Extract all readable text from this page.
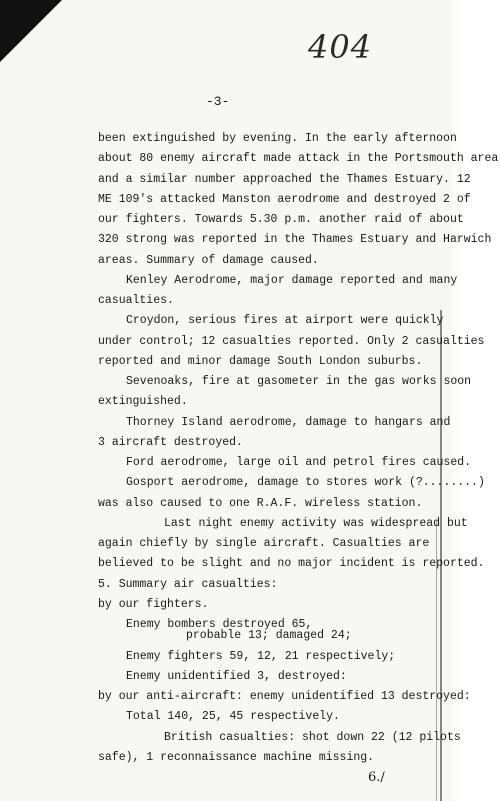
404
-3-
been extinguished by evening. In the early afternoon
about 80 enemy aircraft made attack in the Portsmouth area
and a similar number approached the Thames Estuary. 12
ME 109's attacked Manston aerodrome and destroyed 2 of
our fighters. Towards 5.30 p.m. another raid of about
320 strong was reported in the Thames Estuary and Harwich
areas. Summary of damage caused.
Kenley Aerodrome, major damage reported and many
casualties.
Croydon, serious fires at airport were quickly
under control; 12 casualties reported. Only 2 casualties
reported and minor damage South London suburbs.
Sevenoaks, fire at gasometer in the gas works soon
extinguished.
Thorney Island aerodrome, damage to hangars and
3 aircraft destroyed.
Ford aerodrome, large oil and petrol fires caused.
Gosport aerodrome, damage to stores work (?........)
was also caused to one R.A.F. wireless station.
Last night enemy activity was widespread but
again chiefly by single aircraft. Casualties are
believed to be slight and no major incident is reported.
5. Summary air casualties:
by our fighters.
Enemy bombers destroyed 65,
probable 13; damaged 24;
Enemy fighters 59, 12, 21 respectively;
Enemy unidentified 3, destroyed:
by our anti-aircraft: enemy unidentified 13 destroyed:
Total 140, 25, 45 respectively.
British casualties: shot down 22 (12 pilots
safe), 1 reconnaissance machine missing.
6./
